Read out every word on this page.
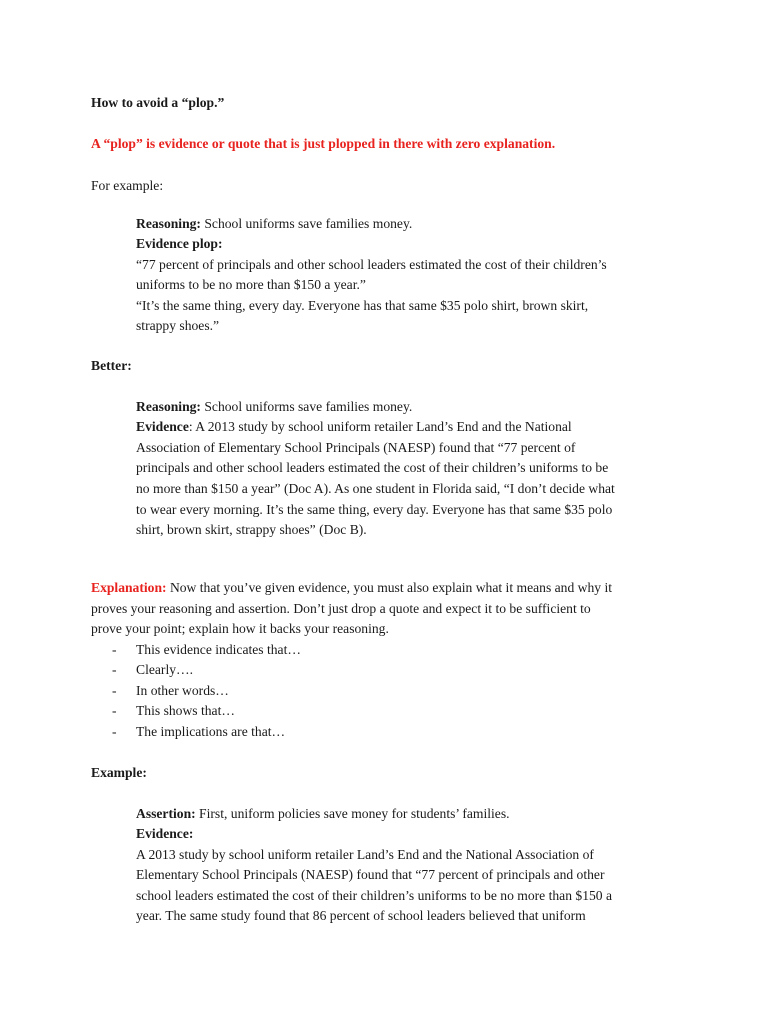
How to avoid a “plop.”
A “plop” is evidence or quote that is just plopped in there with zero explanation.
For example:
Reasoning: School uniforms save families money.
Evidence plop:
“77 percent of principals and other school leaders estimated the cost of their children’s
uniforms to be no more than $150 a year.”
“It’s the same thing, every day. Everyone has that same $35 polo shirt, brown skirt,
strappy shoes.”
Better:
Reasoning: School uniforms save families money.
Evidence: A 2013 study by school uniform retailer Land’s End and the National
Association of Elementary School Principals (NAESP) found that “77 percent of
principals and other school leaders estimated the cost of their children’s uniforms to be
no more than $150 a year” (Doc A). As one student in Florida said, “I don’t decide what
to wear every morning. It’s the same thing, every day. Everyone has that same $35 polo
shirt, brown skirt, strappy shoes” (Doc B).
Explanation: Now that you’ve given evidence, you must also explain what it means and why it
proves your reasoning and assertion. Don’t just drop a quote and expect it to be sufficient to
prove your point; explain how it backs your reasoning.
- This evidence indicates that…
- Clearly….
- In other words…
- This shows that…
- The implications are that…
Example:
Assertion: First, uniform policies save money for students’ families.
Evidence:
A 2013 study by school uniform retailer Land’s End and the National Association of
Elementary School Principals (NAESP) found that “77 percent of principals and other
school leaders estimated the cost of their children’s uniforms to be no more than $150 a
year. The same study found that 86 percent of school leaders believed that uniform
